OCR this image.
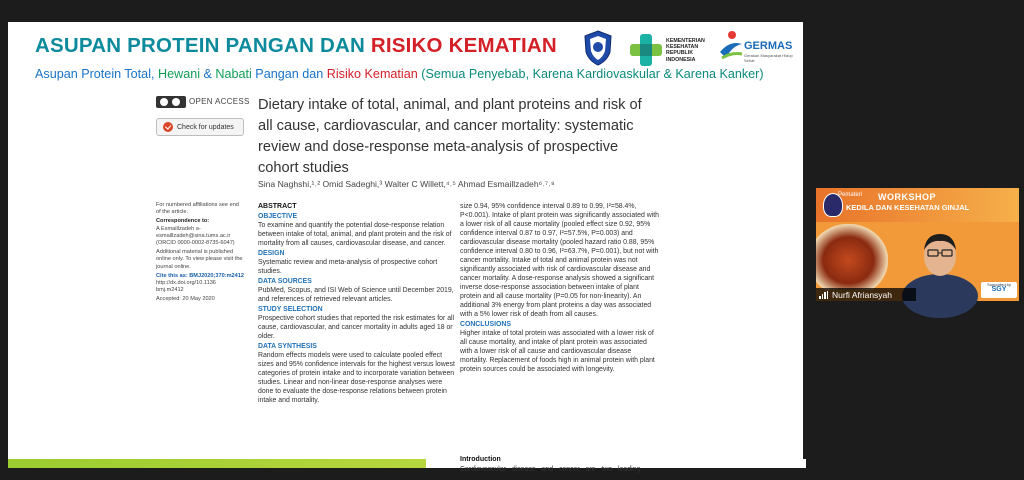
ASUPAN PROTEIN PANGAN DAN RISIKO KEMATIAN
Asupan Protein Total, Hewani & Nabati Pangan dan Risiko Kematian (Semua Penyebab, Karena Kardiovaskular & Karena Kanker)
KEMENTERIAN
KESEHATAN
REPUBLIK
INDONESIA
GERMAS
Gerakan Masyarakat Hidup Sehat
OPEN ACCESS
Check for updates
Dietary intake of total, animal, and plant proteins and risk of all cause, cardiovascular, and cancer mortality: systematic review and dose-response meta-analysis of prospective cohort studies
Sina Naghshi,¹˒² Omid Sadeghi,³ Walter C Willett,⁴˒⁵ Ahmad Esmaillzadeh⁶˒⁷˒⁸
For numbered affiliations see end of the article.
Correspondence to:
A Esmaillzadeh a-esmaillzadeh@sina.tums.ac.ir (ORCID 0000-0002-8735-6047)
Additional material is published online only. To view please visit the journal online.
Cite this as: BMJ2020;370:m2412
http://dx.doi.org/10.1136 bmj.m2412
Accepted: 20 May 2020
ABSTRACT
OBJECTIVE
To examine and quantify the potential dose-response relation between intake of total, animal, and plant protein and the risk of mortality from all causes, cardiovascular disease, and cancer.
DESIGN
Systematic review and meta-analysis of prospective cohort studies.
DATA SOURCES
PubMed, Scopus, and ISI Web of Science until December 2019, and references of retrieved relevant articles.
STUDY SELECTION
Prospective cohort studies that reported the risk estimates for all cause, cardiovascular, and cancer mortality in adults aged 18 or older.
DATA SYNTHESIS
Random effects models were used to calculate pooled effect sizes and 95% confidence intervals for the highest versus lowest categories of protein intake and to incorporate variation between studies. Linear and non-linear dose-response analyses were done to evaluate the dose-response relations between protein intake and mortality.
size 0.94, 95% confidence interval 0.89 to 0.99, I²=58.4%, P<0.001). Intake of plant protein was significantly associated with a lower risk of all cause mortality (pooled effect size 0.92, 95% confidence interval 0.87 to 0.97, I²=57.5%, P=0.003) and cardiovascular disease mortality (pooled hazard ratio 0.88, 95% confidence interval 0.80 to 0.96, I²=63.7%, P=0.001), but not with cancer mortality. Intake of total and animal protein was not significantly associated with risk of cardiovascular disease and cancer mortality. A dose-response analysis showed a significant inverse dose-response association between intake of plant protein and all cause mortality (P=0.05 for non-linearity). An additional 3% energy from plant proteins a day was associated with a 5% lower risk of death from all causes.
CONCLUSIONS
Higher intake of total protein was associated with a lower risk of all cause mortality, and intake of plant protein was associated with a lower risk of all cause and cardiovascular disease mortality. Replacement of foods high in animal protein with plant protein sources could be associated with longevity.
Introduction
Cardiovascular disease and cancer are two leading
Pemateri WORKSHOP
KEDILA DAN KESEHATAN GINJAL
Supported by
SGY
Nurfi Afriansyah
